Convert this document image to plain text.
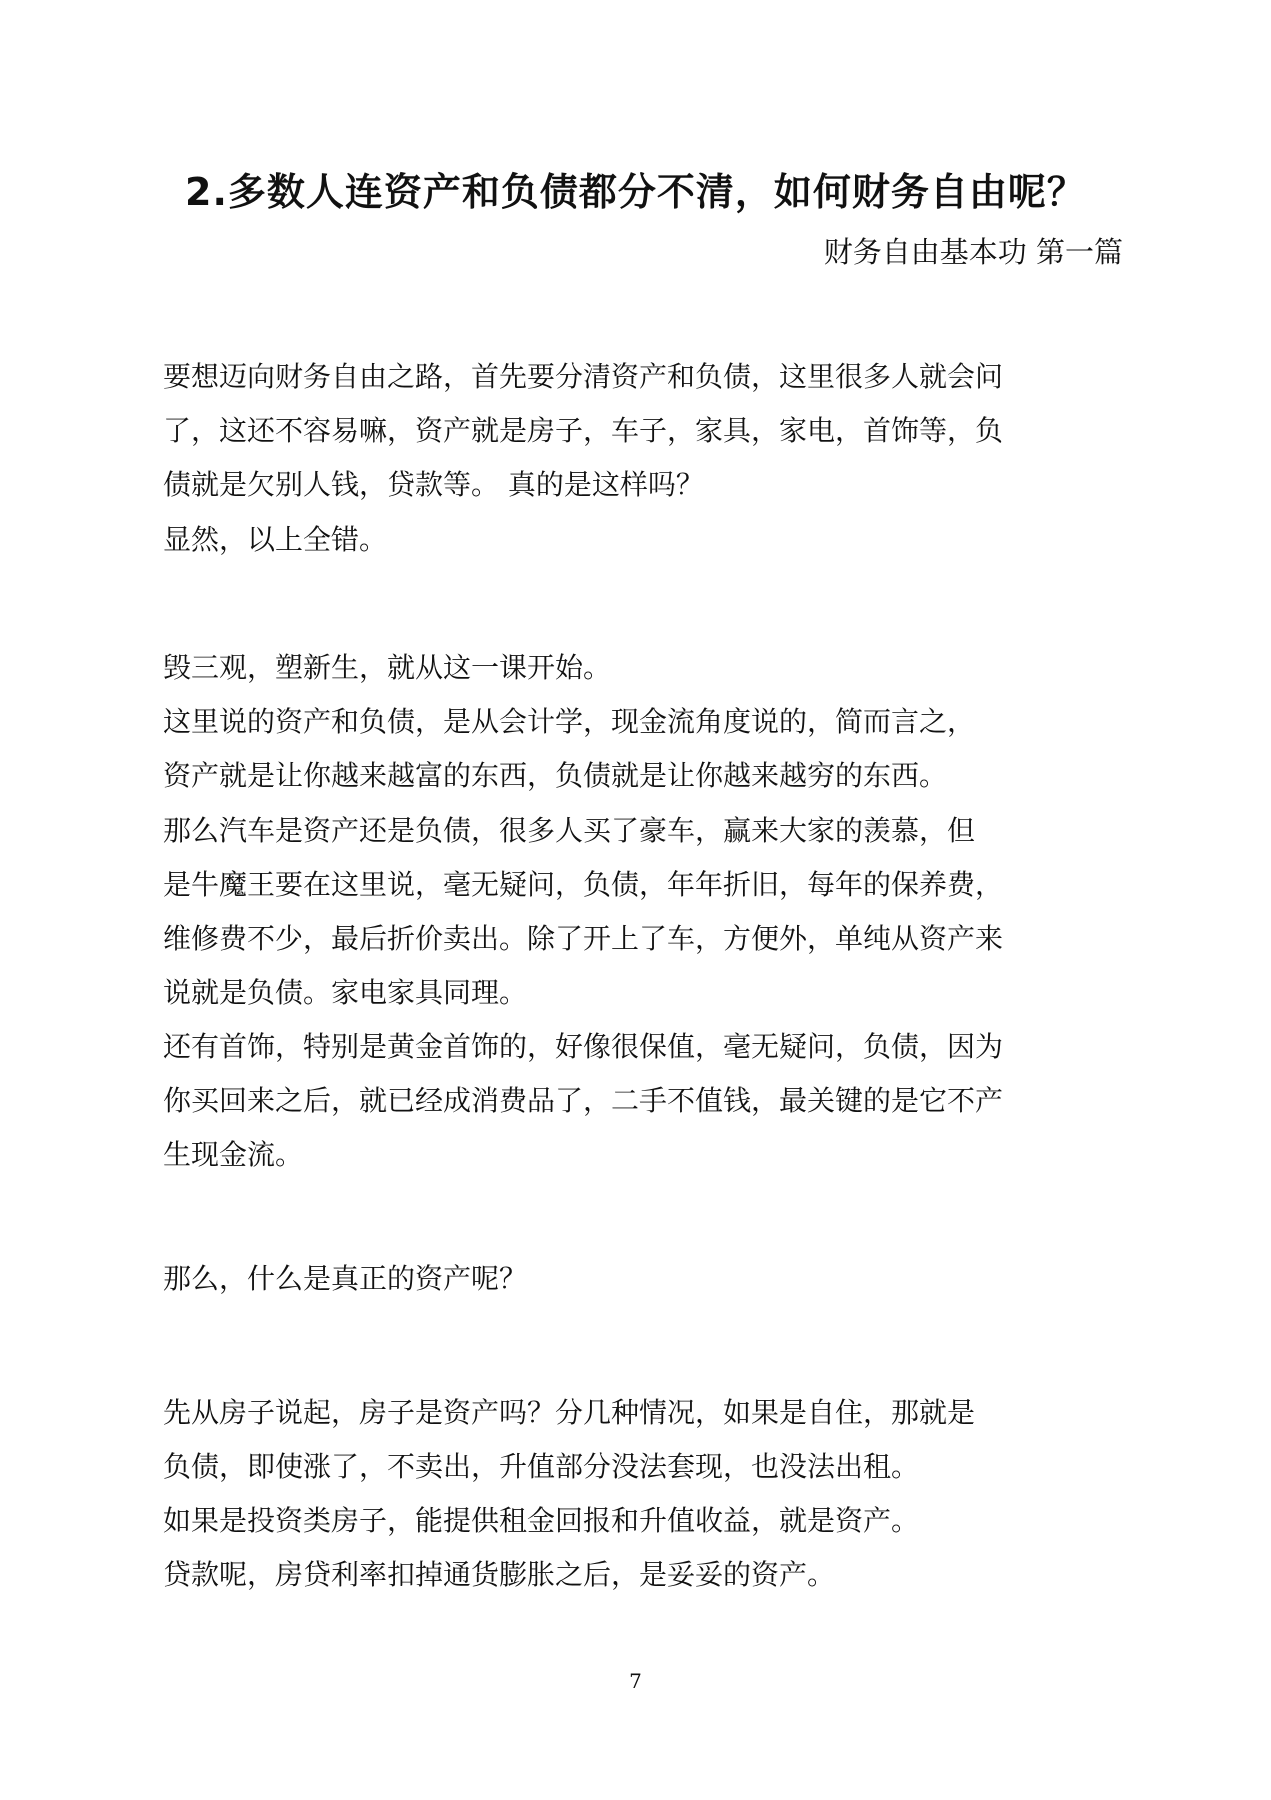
2.多数人连资产和负债都分不清，如何财务自由呢？
财务自由基本功 第一篇

要想迈向财务自由之路，首先要分清资产和负债，这里很多人就会问
了，这还不容易嘛，资产就是房子，车子，家具，家电，首饰等，负
债就是欠别人钱，贷款等。 真的是这样吗？

显然，以上全错。

毁三观，塑新生，就从这一课开始。

这里说的资产和负债，是从会计学，现金流角度说的，简而言之，
资产就是让你越来越富的东西，负债就是让你越来越穷的东西。

那么汽车是资产还是负债，很多人买了豪车，赢来大家的羡慕，但
是牛魔王要在这里说，毫无疑问，负债，年年折旧，每年的保养费，
维修费不少，最后折价卖出。除了开上了车，方便外，单纯从资产来
说就是负债。家电家具同理。

还有首饰，特别是黄金首饰的，好像很保值，毫无疑问，负债，因为
你买回来之后，就已经成消费品了，二手不值钱，最关键的是它不产
生现金流。

那么，什么是真正的资产呢？

先从房子说起，房子是资产吗？分几种情况，如果是自住，那就是
负债，即使涨了，不卖出，升值部分没法套现，也没法出租。

如果是投资类房子，能提供租金回报和升值收益，就是资产。

贷款呢，房贷利率扣掉通货膨胀之后，是妥妥的资产。

7
